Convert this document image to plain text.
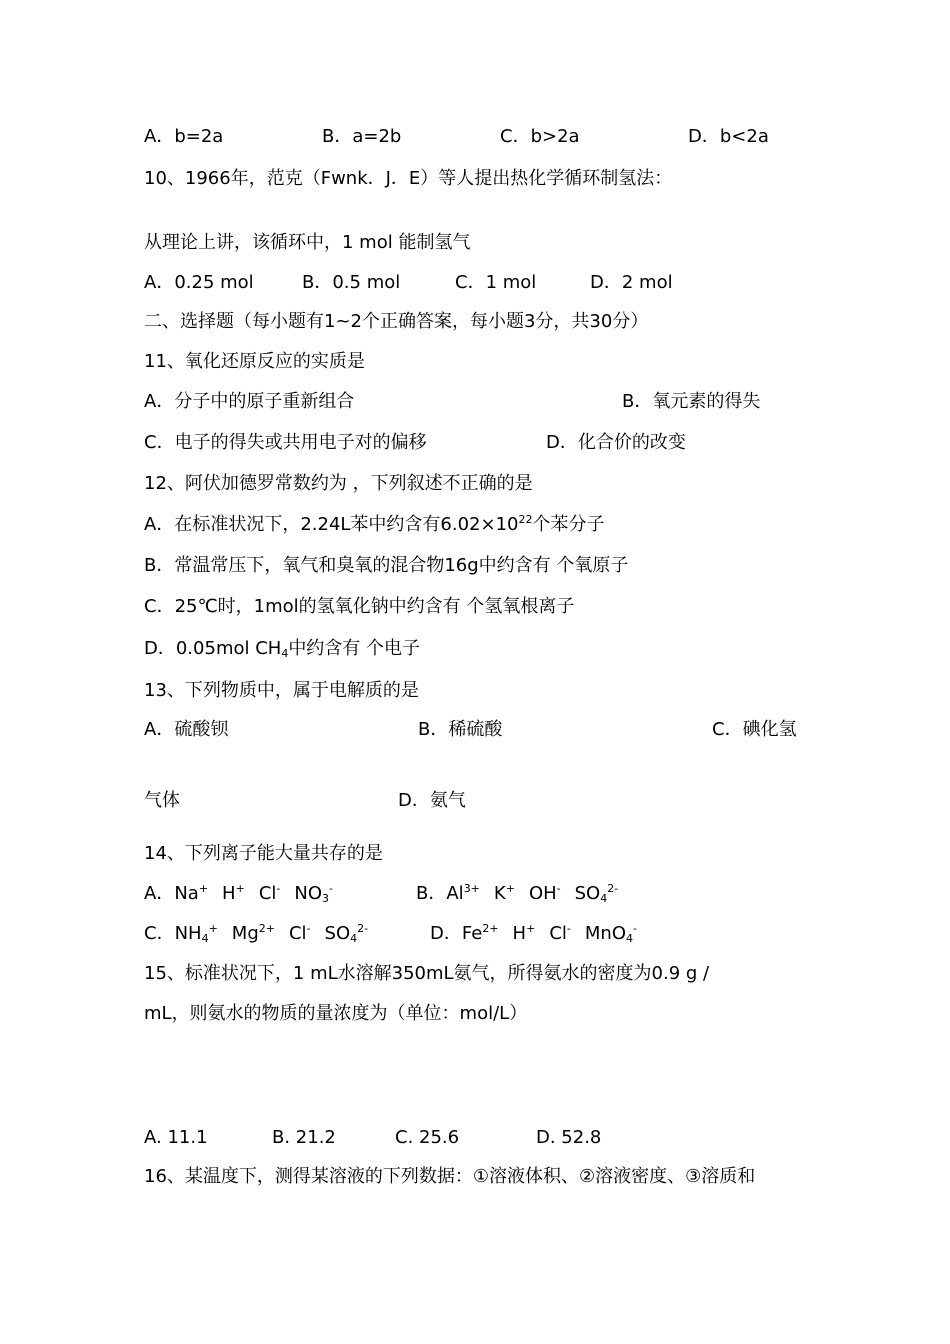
A．b=2a	B．a=2b	C．b>2a	D．b<2a
10、1966年，范克（Fwnk．J．E）等人提出热化学循环制氢法：
从理论上讲，该循环中，1 mol 能制氢气
A．0.25 mol	B．0.5 mol	C．1 mol	D．2 mol
二、选择题（每小题有1~2个正确答案，每小题3分，共30分）
11、氧化还原反应的实质是
A．分子中的原子重新组合	B．氧元素的得失
C．电子的得失或共用电子对的偏移	D．化合价的改变
12、阿伏加德罗常数约为 ，下列叙述不正确的是
A．在标准状况下，2.24L苯中约含有$6.02\times 10^{22}$个苯分子
B．常温常压下，氧气和臭氧的混合物16g中约含有 个氧原子
C．25℃时，1mol的氢氧化钠中约含有 个氢氧根离子
D．0.05mol $CH_4$中约含有 个电子
13、下列物质中，属于电解质的是
A．硫酸钡	B．稀硫酸	C．碘化氢
气体	D．氨气
14、下列离子能大量共存的是
A．Na+ H+ Cl- $NO_3^-$	B．$Al^{3+}$ K+ OH- $SO_4^{2-}$
C．$NH_4^+$ $Mg^{2+}$ Cl- $SO_4^{2-}$	D．$Fe^{2+}$ H+ Cl- MnO$_4$-
15、标准状况下，1 mL水溶解350mL氨气，所得氨水的密度为0.9 g /
mL，则氨水的物质的量浓度为（单位：mol/L）
A. 11.1	B. 21.2	C. 25.6	D. 52.8
16、某温度下，测得某溶液的下列数据：①溶液体积、②溶液密度、③溶质和
